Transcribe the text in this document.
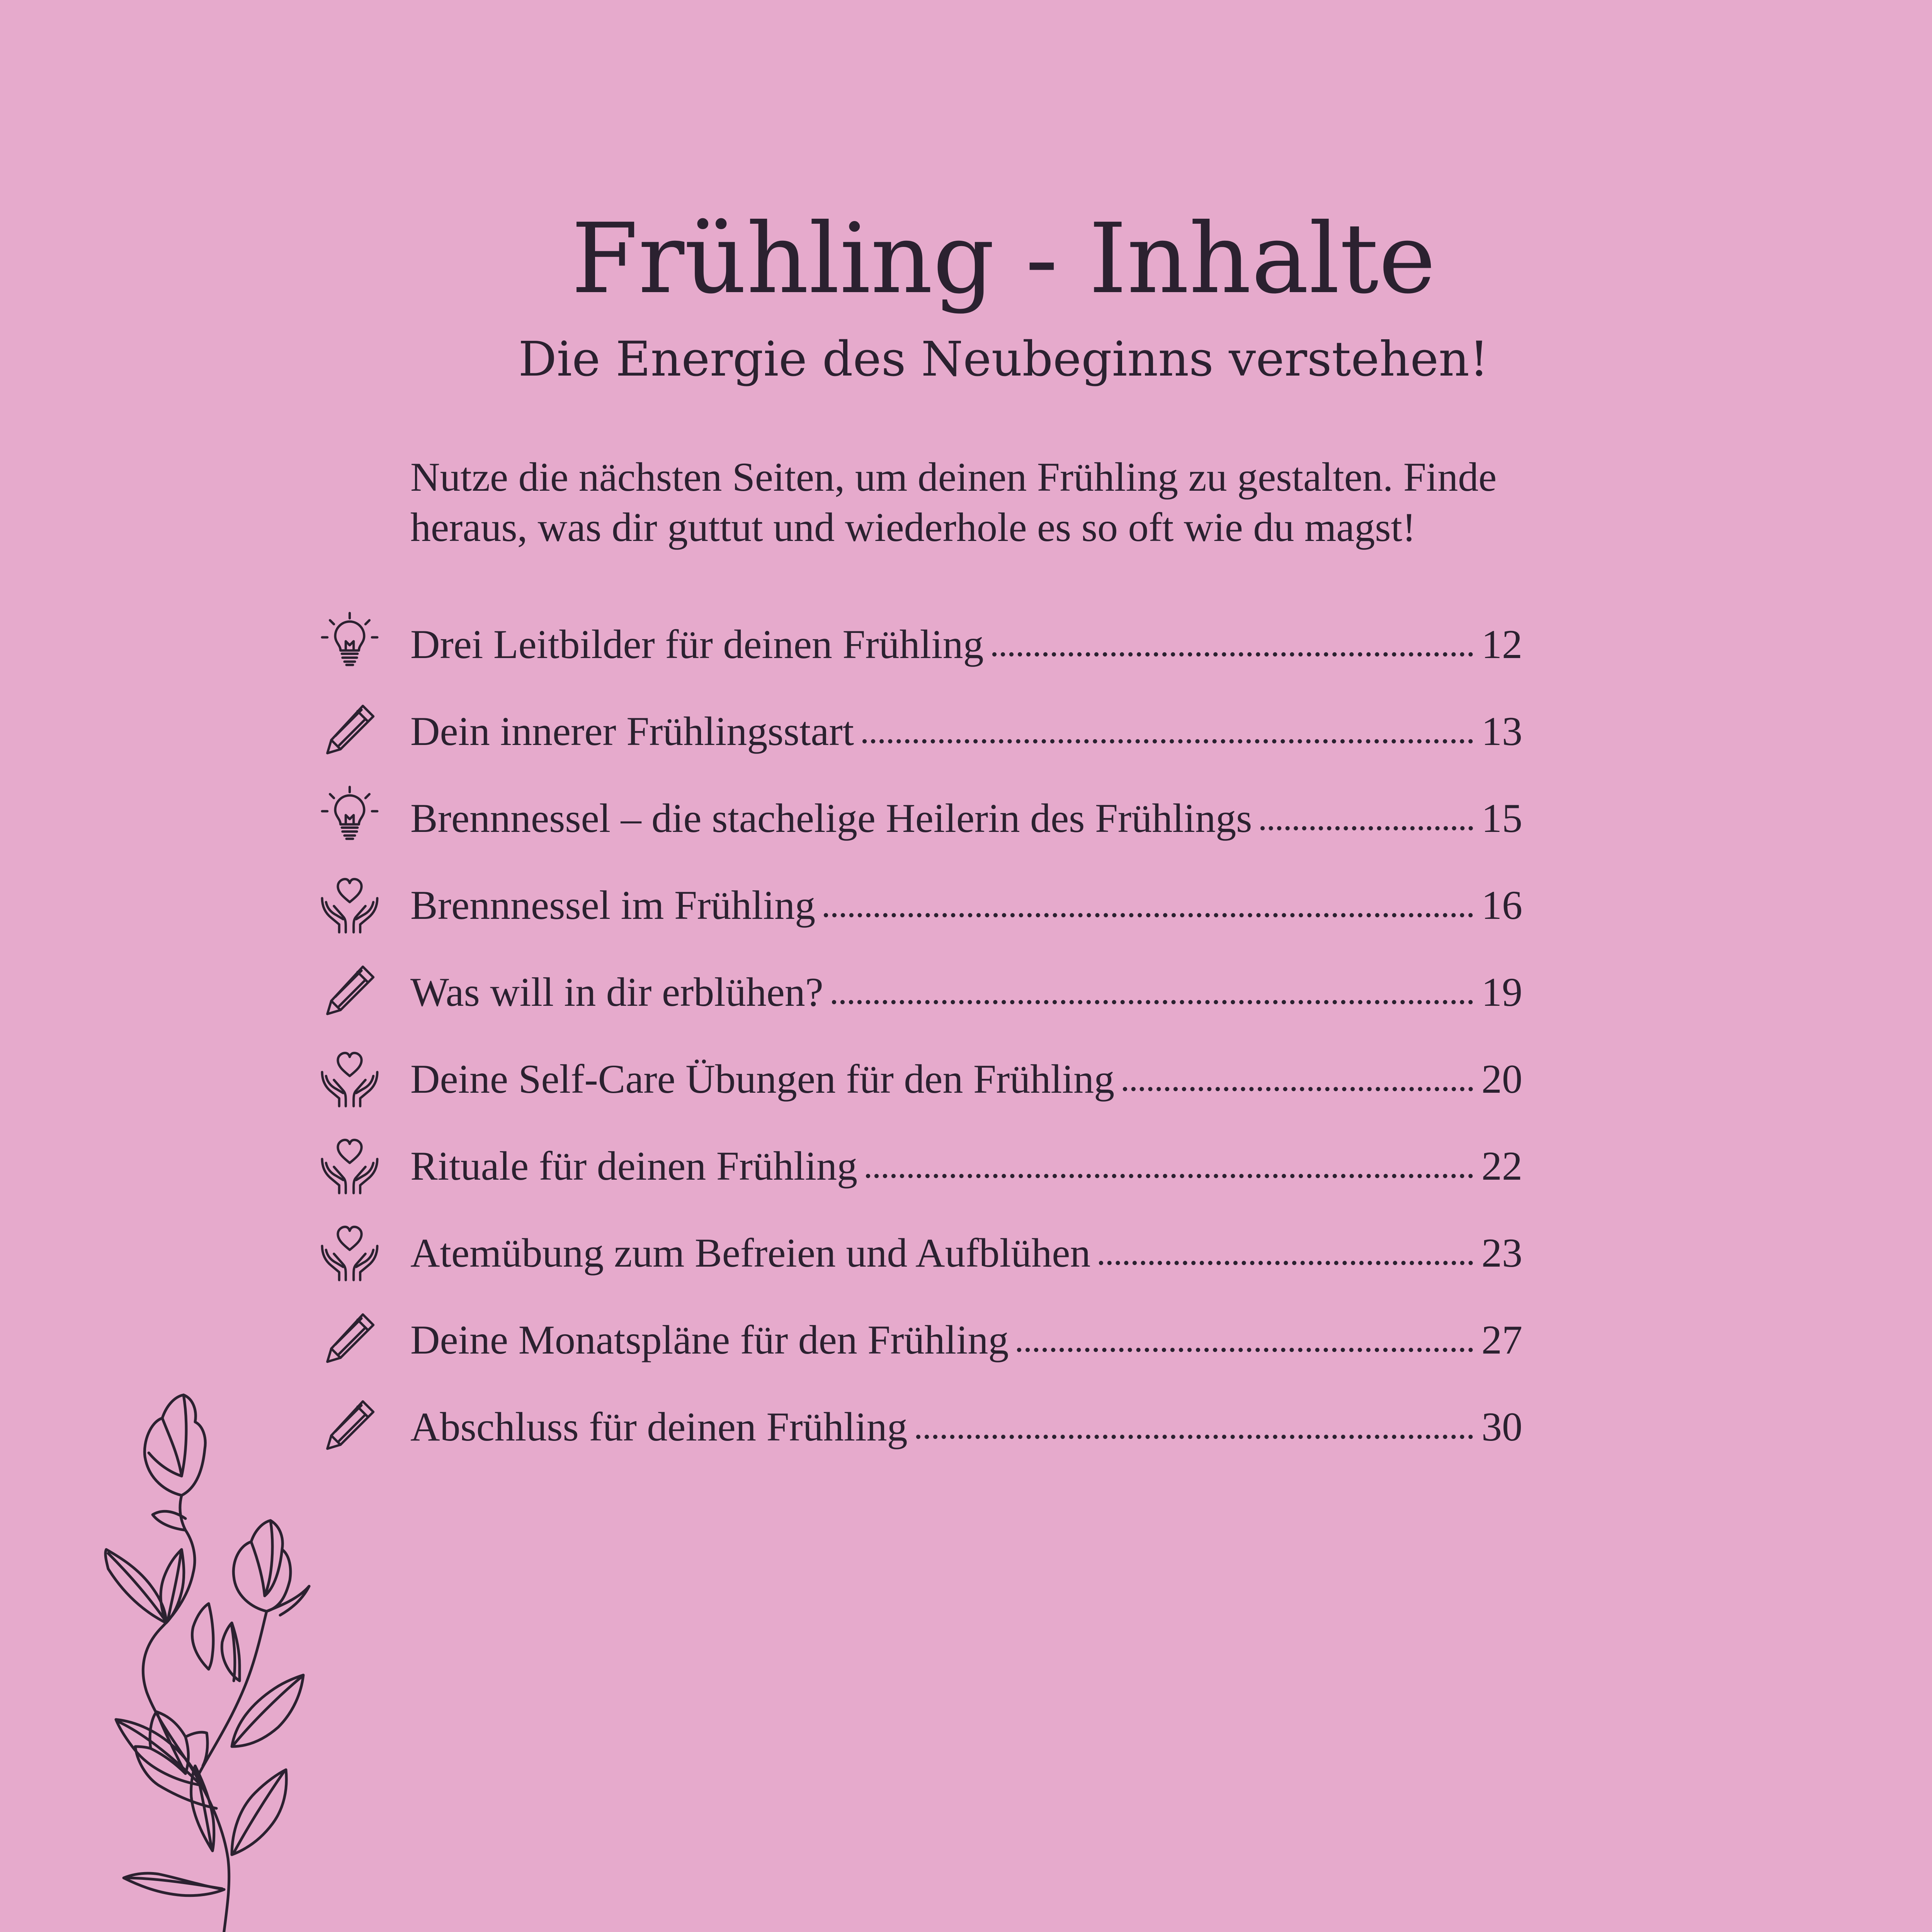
Frühling - Inhalte
Die Energie des Neubeginns verstehen!

Nutze die nächsten Seiten, um deinen Frühling zu gestalten. Finde

heraus, was dir guttut und wiederhole es so oft wie du magst!

Drei Leitbilder für deinen Frühling	12
Dein innerer Frühlingsstart	13
Brennnessel – die stachelige Heilerin des Frühlings	15
Brennnessel im Frühling	16
Was will in dir erblühen?	19
Deine Self-Care Übungen für den Frühling	20
Rituale für deinen Frühling	22
Atemübung zum Befreien und Aufblühen	23
Deine Monatspläne für den Frühling	27
Abschluss für deinen Frühling	30
